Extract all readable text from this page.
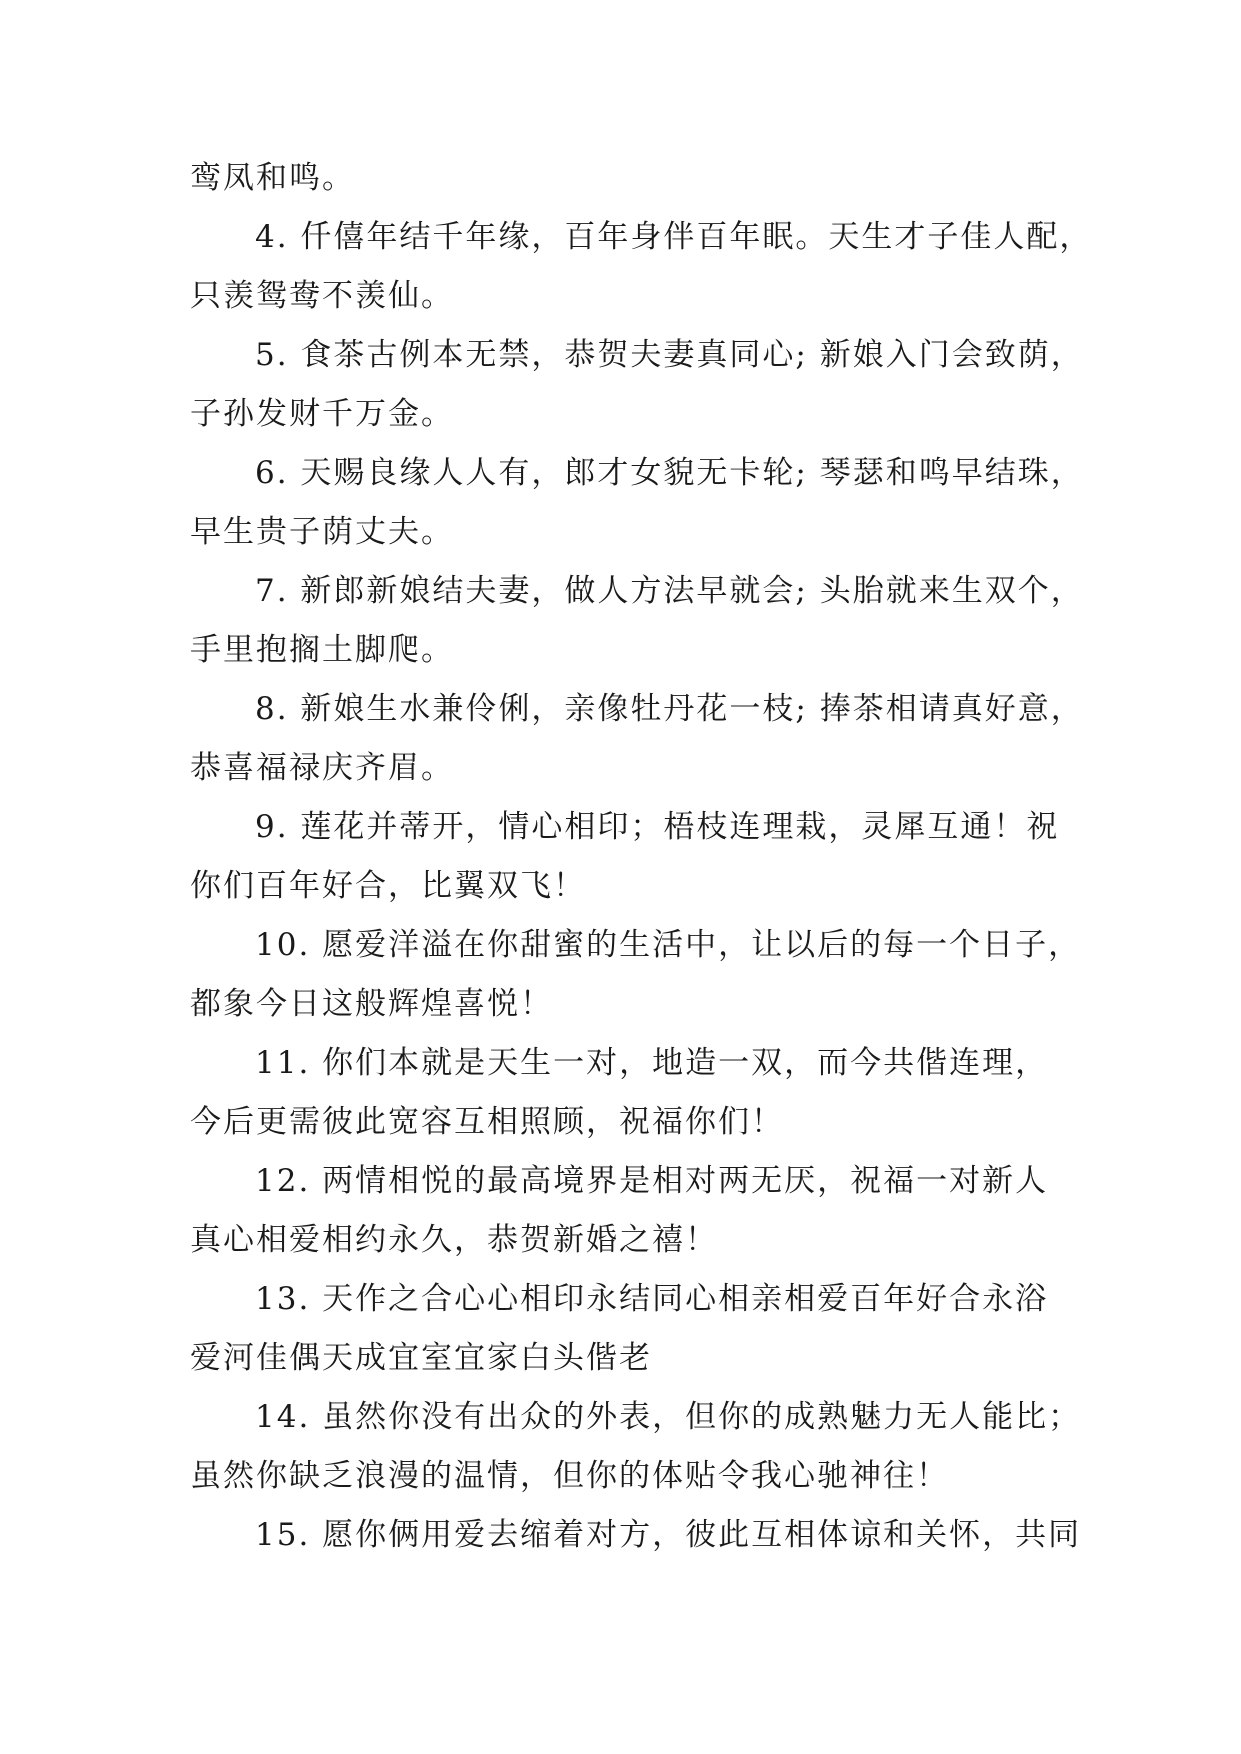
鸾凤和鸣。
4. 仟僖年结千年缘，百年身伴百年眠。天生才子佳人配，
只羡鸳鸯不羡仙。
5. 食茶古例本无禁，恭贺夫妻真同心; 新娘入门会致荫，
子孙发财千万金。
6. 天赐良缘人人有，郎才女貌无卡轮; 琴瑟和鸣早结珠，
早生贵子荫丈夫。
7. 新郎新娘结夫妻，做人方法早就会; 头胎就来生双个，
手里抱搁土脚爬。
8. 新娘生水兼伶俐，亲像牡丹花一枝; 捧茶相请真好意，
恭喜福禄庆齐眉。
9. 莲花并蒂开，情心相印；梧枝连理栽，灵犀互通！祝
你们百年好合，比翼双飞！
10. 愿爱洋溢在你甜蜜的生活中，让以后的每一个日子，
都象今日这般辉煌喜悦！
11. 你们本就是天生一对，地造一双，而今共偕连理，
今后更需彼此宽容互相照顾，祝福你们！
12. 两情相悦的最高境界是相对两无厌，祝福一对新人
真心相爱相约永久，恭贺新婚之禧！
13. 天作之合心心相印永结同心相亲相爱百年好合永浴
爱河佳偶天成宜室宜家白头偕老
14. 虽然你没有出众的外表，但你的成熟魅力无人能比；
虽然你缺乏浪漫的温情，但你的体贴令我心驰神往！
15. 愿你俩用爱去缩着对方，彼此互相体谅和关怀，共同
